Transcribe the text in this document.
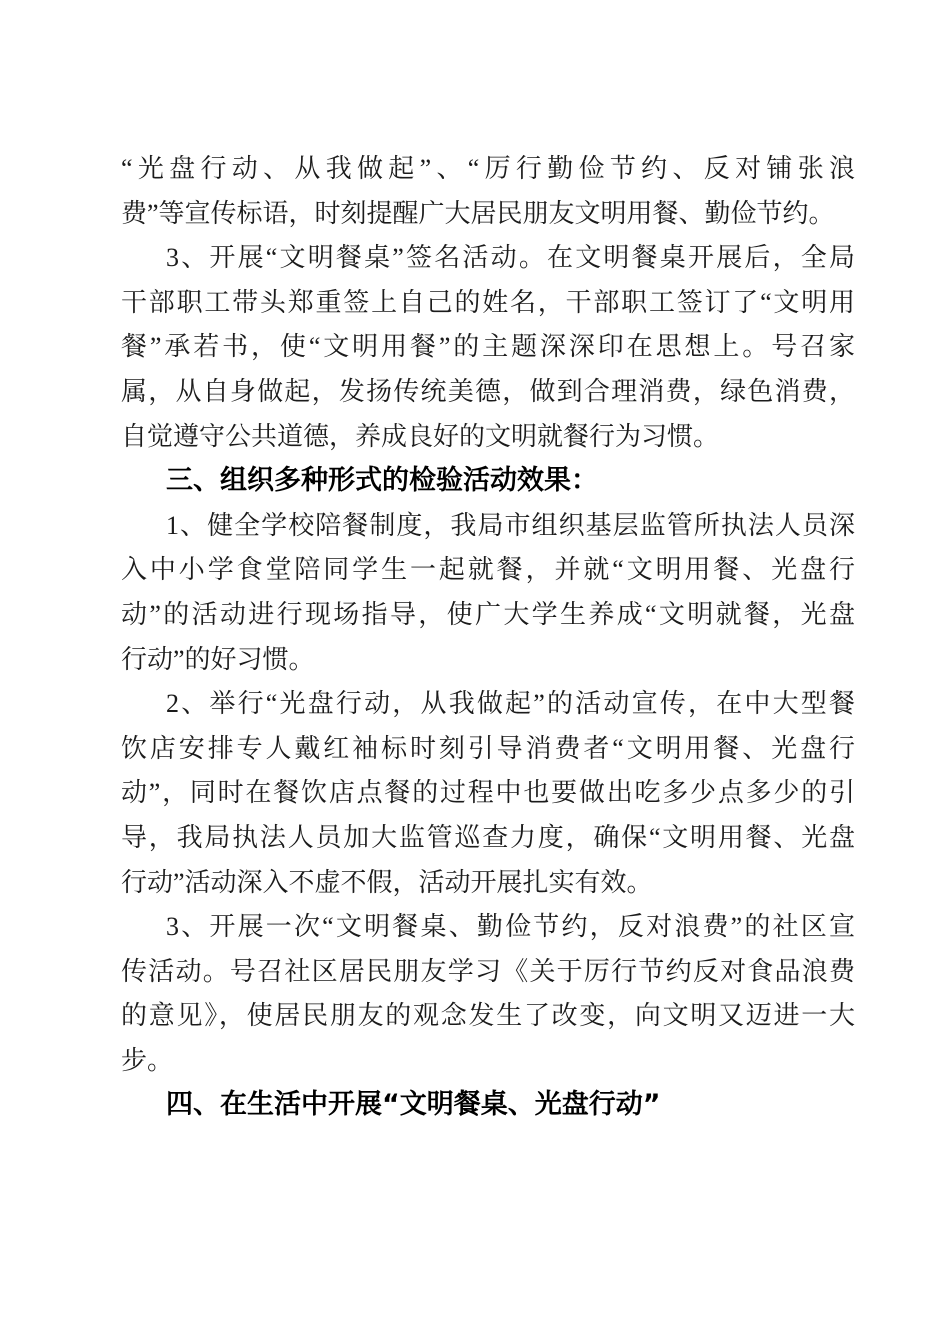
“光盘行动、从我做起”、“厉行勤俭节约、反对铺张浪
费”等宣传标语，时刻提醒广大居民朋友文明用餐、勤俭节约。
3、开展“文明餐桌”签名活动。在文明餐桌开展后，全局
干部职工带头郑重签上自己的姓名，干部职工签订了“文明用
餐”承若书，使“文明用餐”的主题深深印在思想上。号召家
属，从自身做起，发扬传统美德，做到合理消费，绿色消费，
自觉遵守公共道德，养成良好的文明就餐行为习惯。
三、组织多种形式的检验活动效果：
1、健全学校陪餐制度，我局市组织基层监管所执法人员深
入中小学食堂陪同学生一起就餐，并就“文明用餐、光盘行
动”的活动进行现场指导，使广大学生养成“文明就餐，光盘
行动”的好习惯。
2、举行“光盘行动，从我做起”的活动宣传，在中大型餐
饮店安排专人戴红袖标时刻引导消费者“文明用餐、光盘行
动”，同时在餐饮店点餐的过程中也要做出吃多少点多少的引
导，我局执法人员加大监管巡查力度，确保“文明用餐、光盘
行动”活动深入不虚不假，活动开展扎实有效。
3、开展一次“文明餐桌、勤俭节约，反对浪费”的社区宣
传活动。号召社区居民朋友学习《关于厉行节约反对食品浪费
的意见》，使居民朋友的观念发生了改变，向文明又迈进一大
步。
四、在生活中开展“文明餐桌、光盘行动”
